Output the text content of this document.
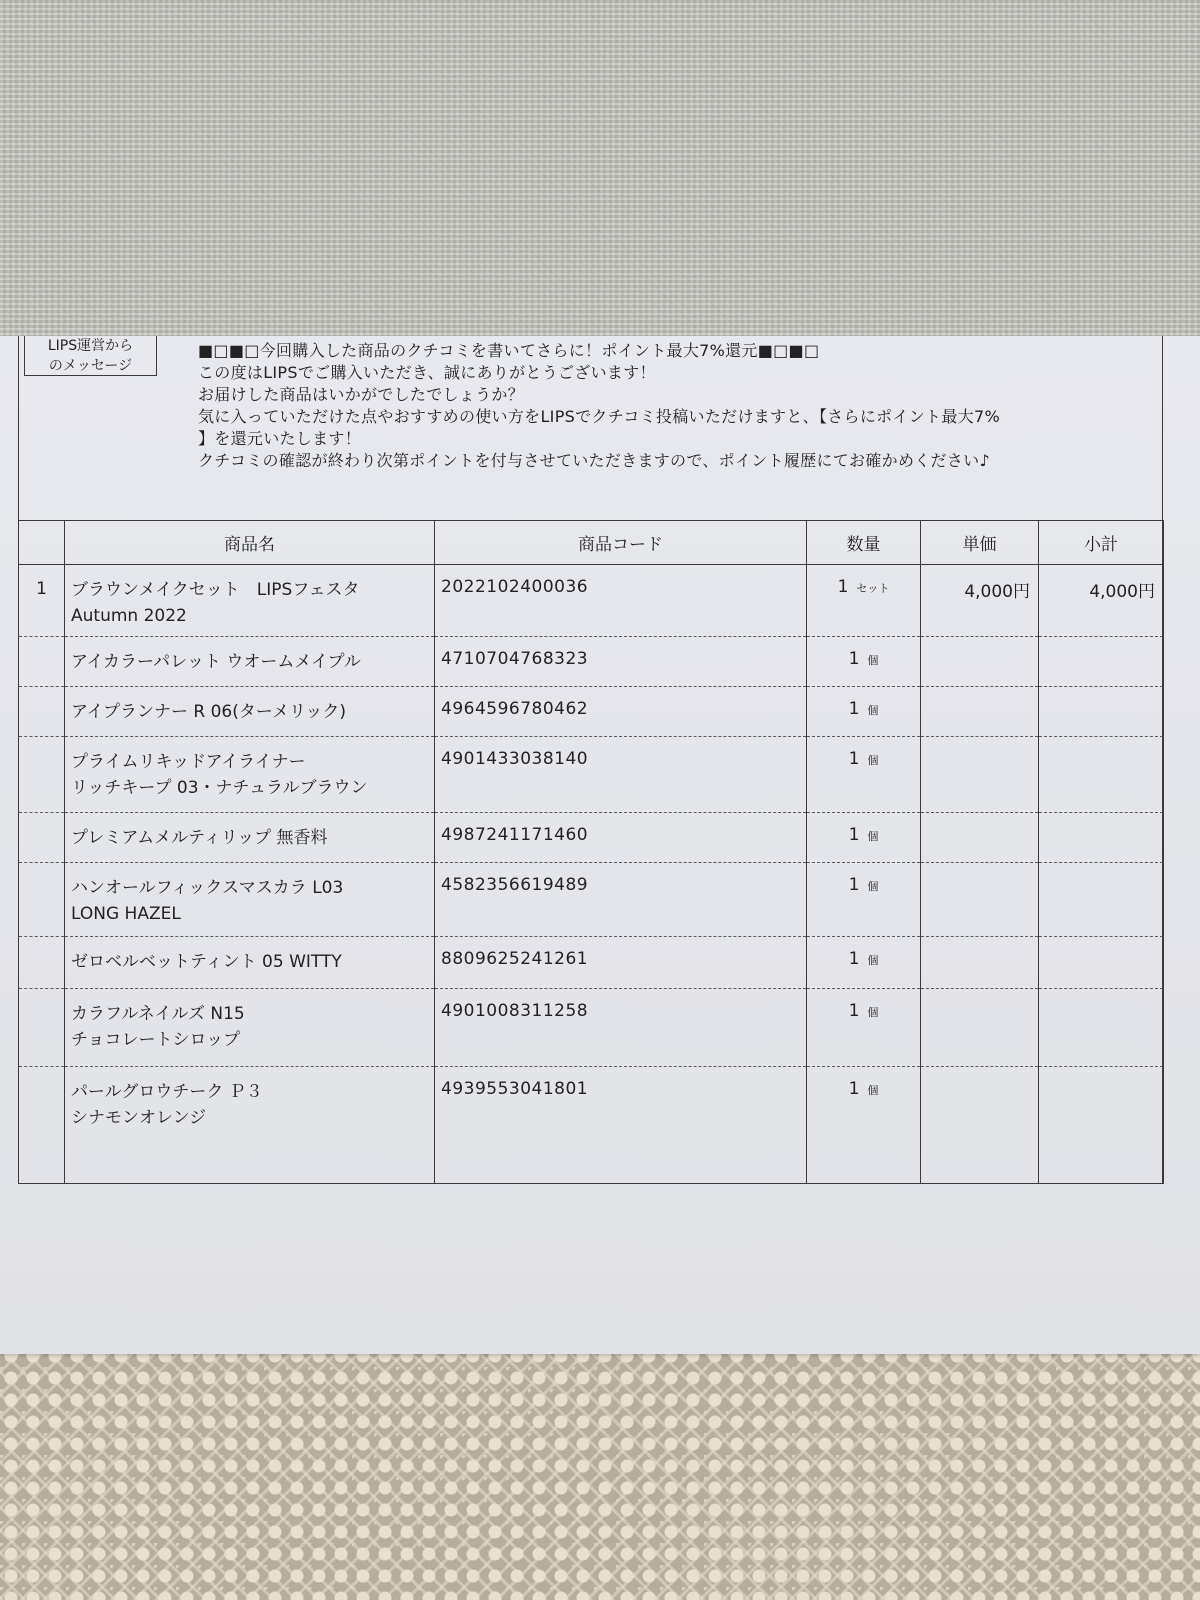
LIPS運営から
のメッセージ
■□■□今回購入した商品のクチコミを書いてさらに！ポイント最大7%還元■□■□
この度はLIPSでご購入いただき、誠にありがとうございます！
お届けした商品はいかがでしたでしょうか？
気に入っていただけた点やおすすめの使い方をLIPSでクチコミ投稿いただけますと、【さらにポイント最大7%
】を還元いたします！
クチコミの確認が終わり次第ポイントを付与させていただきますので、ポイント履歴にてお確かめください♪
	商品名	商品コード	数量	単価	小計
1	ブラウンメイクセット　LIPSフェスタ
Autumn 2022	2022102400036	1 セット	4,000円	4,000円

	アイカラーパレット ウオームメイプル	4710704768323	1 個		

	アイプランナー R 06(ターメリック)	4964596780462	1 個		

	プライムリキッドアイライナー
リッチキープ 03・ナチュラルブラウン	4901433038140	1 個		

	プレミアムメルティリップ 無香料	4987241171460	1 個		

	ハンオールフィックスマスカラ L03
LONG HAZEL	4582356619489	1 個		

	ゼロベルベットティント 05 WITTY	8809625241261	1 個		

	カラフルネイルズ N15
チョコレートシロップ	4901008311258	1 個		

	パールグロウチーク Ｐ３
シナモンオレンジ	4939553041801	1 個		
